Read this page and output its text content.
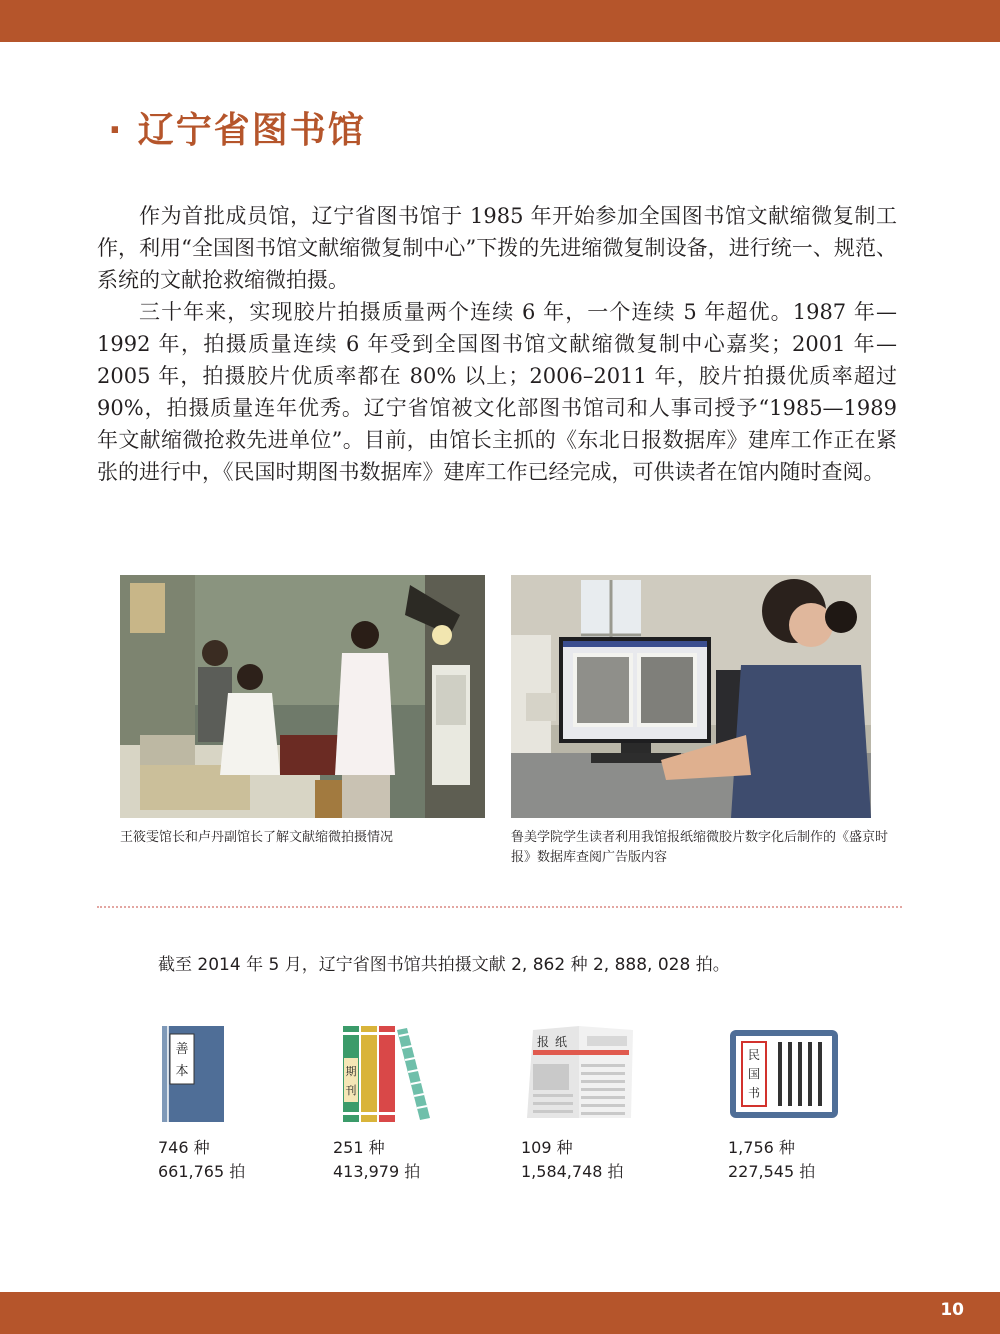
· 辽宁省图书馆

作为首批成员馆，辽宁省图书馆于 1985 年开始参加全国图书馆文献缩微复制工作，利用“全国图书馆文献缩微复制中心”下拨的先进缩微复制设备，进行统一、规范、系统的文献抢救缩微拍摄。

三十年来，实现胶片拍摄质量两个连续 6 年，一个连续 5 年超优。1987 年—1992 年，拍摄质量连续 6 年受到全国图书馆文献缩微复制中心嘉奖；2001 年—2005 年，拍摄胶片优质率都在 80% 以上；2006–2011 年，胶片拍摄优质率超过 90%，拍摄质量连年优秀。辽宁省馆被文化部图书馆司和人事司授予“1985—1989 年文献缩微抢救先进单位”。目前，由馆长主抓的《东北日报数据库》建库工作正在紧张的进行中，《民国时期图书数据库》建库工作已经完成，可供读者在馆内随时查阅。

王筱雯馆长和卢丹副馆长了解文献缩微拍摄情况	鲁美学院学生读者利用我馆报纸缩微胶片数字化后制作的《盛京时报》数据库查阅广告版内容
截至 2014 年 5 月，辽宁省图书馆共拍摄文献 2, 862 种 2, 888, 028 拍。
善
本
746 种
661,765 拍
期
刊
251 种
413,979 拍
报 纸
109 种
1,584,748 拍
民
国
书
1,756 种
227,545 拍
10
